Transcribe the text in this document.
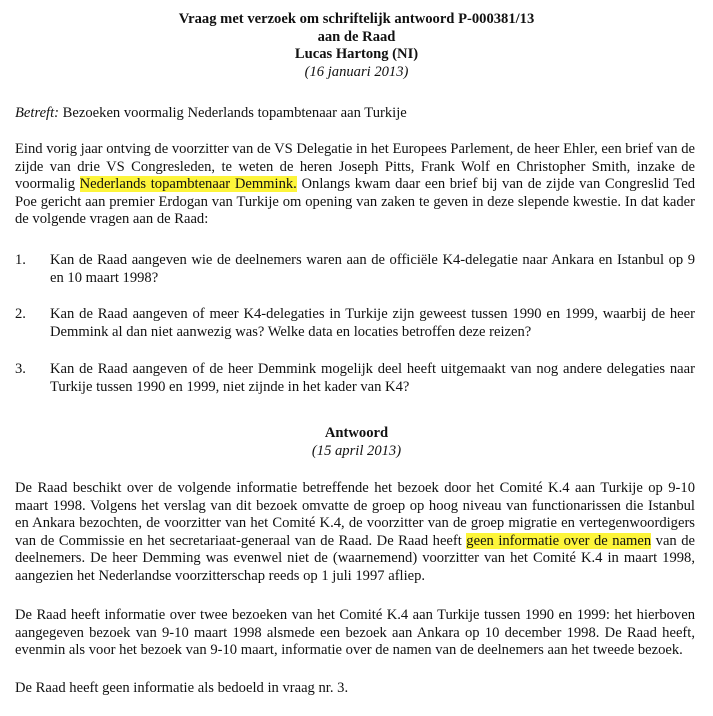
Vraag met verzoek om schriftelijk antwoord P-000381/13
aan de Raad
Lucas Hartong (NI)
(16 januari 2013)
Betreft: Bezoeken voormalig Nederlands topambtenaar aan Turkije
Eind vorig jaar ontving de voorzitter van de VS Delegatie in het Europees Parlement, de heer Ehler, een brief van de zijde van drie VS Congresleden, te weten de heren Joseph Pitts, Frank Wolf en Christopher Smith, inzake de voormalig Nederlands topambtenaar Demmink. Onlangs kwam daar een brief bij van de zijde van Congreslid Ted Poe gericht aan premier Erdogan van Turkije om opening van zaken te geven in deze slepende kwestie. In dat kader de volgende vragen aan de Raad:
1.	Kan de Raad aangeven wie de deelnemers waren aan de officiële K4-delegatie naar Ankara en Istanbul op 9 en 10 maart 1998?
2.	Kan de Raad aangeven of meer K4-delegaties in Turkije zijn geweest tussen 1990 en 1999, waarbij de heer Demmink al dan niet aanwezig was? Welke data en locaties betroffen deze reizen?
3.	Kan de Raad aangeven of de heer Demmink mogelijk deel heeft uitgemaakt van nog andere delegaties naar Turkije tussen 1990 en 1999, niet zijnde in het kader van K4?
Antwoord
(15 april 2013)
De Raad beschikt over de volgende informatie betreffende het bezoek door het Comité K.4 aan Turkije op 9-10 maart 1998. Volgens het verslag van dit bezoek omvatte de groep op hoog niveau van functionarissen die Istanbul en Ankara bezochten, de voorzitter van het Comité K.4, de voorzitter van de groep migratie en vertegenwoordigers van de Commissie en het secretariaat-generaal van de Raad. De Raad heeft geen informatie over de namen van de deelnemers. De heer Demming was evenwel niet de (waarnemend) voorzitter van het Comité K.4 in maart 1998, aangezien het Nederlandse voorzitterschap reeds op 1 juli 1997 afliep.
De Raad heeft informatie over twee bezoeken van het Comité K.4 aan Turkije tussen 1990 en 1999: het hierboven aangegeven bezoek van 9-10 maart 1998 alsmede een bezoek aan Ankara op 10 december 1998. De Raad heeft, evenmin als voor het bezoek van 9-10 maart, informatie over de namen van de deelnemers aan het tweede bezoek.
De Raad heeft geen informatie als bedoeld in vraag nr. 3.
